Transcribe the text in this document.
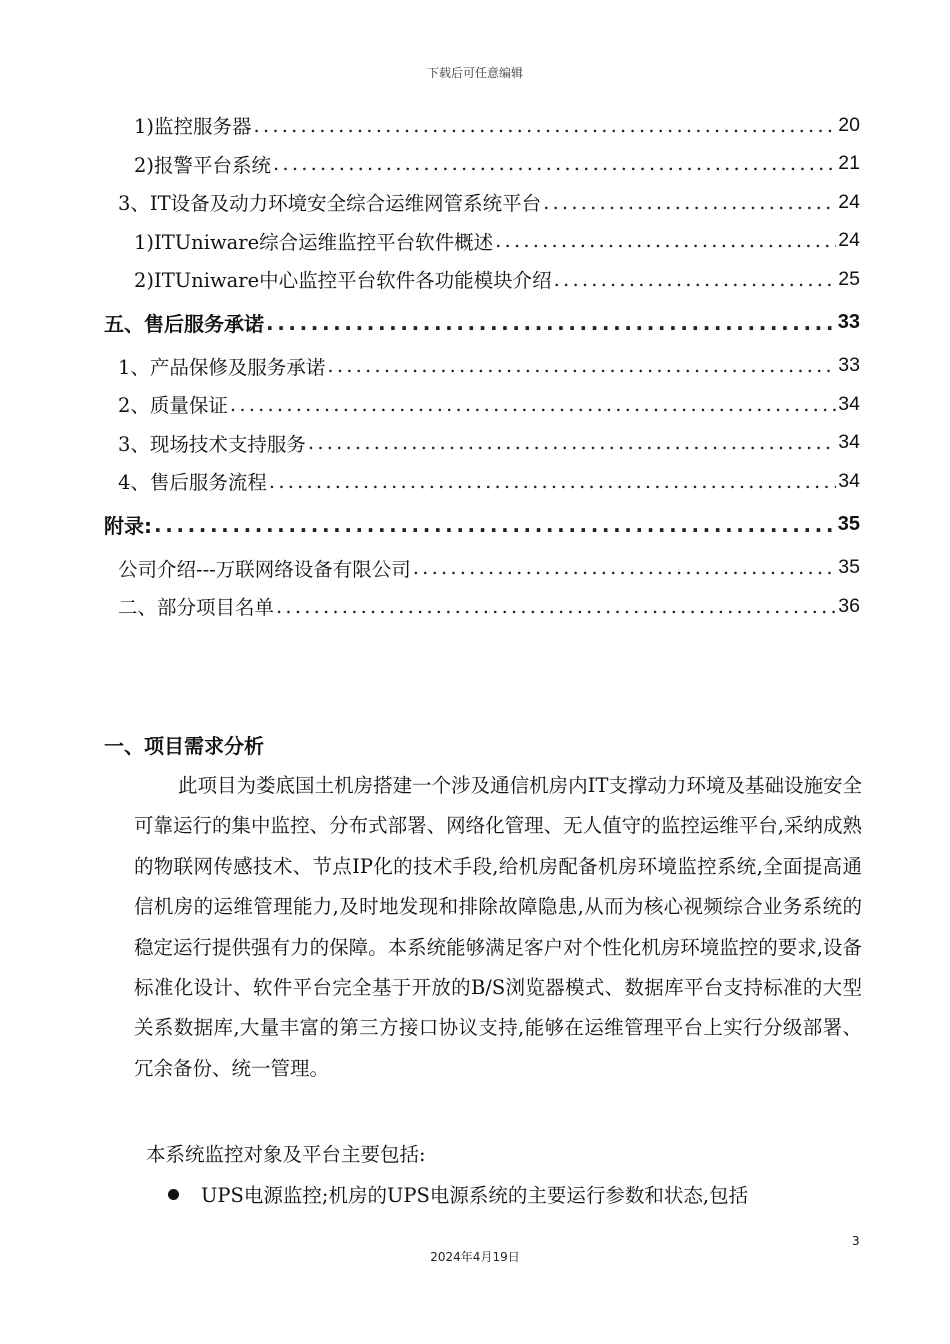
下载后可任意编辑
1)监控服务器 .....	20
2)报警平台系统 .....	21
3、IT设备及动力环境安全综合运维网管系统平台 .....	24
1)ITUniware综合运维监控平台软件概述 .....	24
2)ITUniware中心监控平台软件各功能模块介绍 .....	25
五、售后服务承诺 .....	33
1、产品保修及服务承诺 .....	33
2、质量保证 .....	34
3、现场技术支持服务 .....	34
4、售后服务流程 .....	34
附录: .....	35
公司介绍---万联网络设备有限公司 .....	35
二、部分项目名单 .....	36
一、项目需求分析
此项目为娄底国土机房搭建一个涉及通信机房内IT支撑动力环境及基础设施安全可靠运行的集中监控、分布式部署、网络化管理、无人值守的监控运维平台,采纳成熟的物联网传感技术、节点IP化的技术手段,给机房配备机房环境监控系统,全面提高通信机房的运维管理能力,及时地发现和排除故障隐患,从而为核心视频综合业务系统的稳定运行提供强有力的保障。本系统能够满足客户对个性化机房环境监控的要求,设备标准化设计、软件平台完全基于开放的B/S浏览器模式、数据库平台支持标准的大型关系数据库,大量丰富的第三方接口协议支持,能够在运维管理平台上实行分级部署、冗余备份、统一管理。
本系统监控对象及平台主要包括:
UPS电源监控;机房的UPS电源系统的主要运行参数和状态,包括
3
2024年4月19日
